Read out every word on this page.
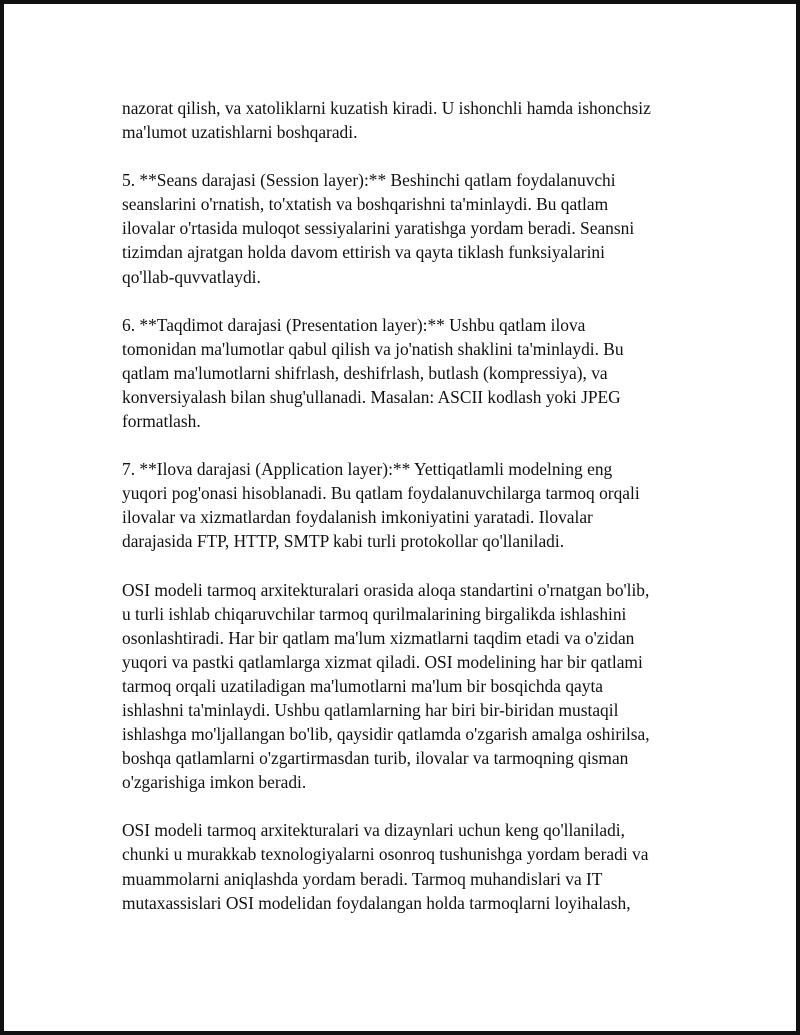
nazorat qilish, va xatoliklarni kuzatish kiradi. U ishonchli hamda ishonchsiz
ma'lumot uzatishlarni boshqaradi.

5. **Seans darajasi (Session layer):** Beshinchi qatlam foydalanuvchi
seanslarini o'rnatish, to'xtatish va boshqarishni ta'minlaydi. Bu qatlam
ilovalar o'rtasida muloqot sessiyalarini yaratishga yordam beradi. Seansni
tizimdan ajratgan holda davom ettirish va qayta tiklash funksiyalarini
qo'llab-quvvatlaydi.

6. **Taqdimot darajasi (Presentation layer):** Ushbu qatlam ilova
tomonidan ma'lumotlar qabul qilish va jo'natish shaklini ta'minlaydi. Bu
qatlam ma'lumotlarni shifrlash, deshifrlash, butlash (kompressiya), va
konversiyalash bilan shug'ullanadi. Masalan: ASCII kodlash yoki JPEG
formatlash.

7. **Ilova darajasi (Application layer):** Yettiqatlamli modelning eng
yuqori pog'onasi hisoblanadi. Bu qatlam foydalanuvchilarga tarmoq orqali
ilovalar va xizmatlardan foydalanish imkoniyatini yaratadi. Ilovalar
darajasida FTP, HTTP, SMTP kabi turli protokollar qo'llaniladi.

OSI modeli tarmoq arxitekturalari orasida aloqa standartini o'rnatgan bo'lib,
u turli ishlab chiqaruvchilar tarmoq qurilmalarining birgalikda ishlashini
osonlashtiradi. Har bir qatlam ma'lum xizmatlarni taqdim etadi va o'zidan
yuqori va pastki qatlamlarga xizmat qiladi. OSI modelining har bir qatlami
tarmoq orqali uzatiladigan ma'lumotlarni ma'lum bir bosqichda qayta
ishlashni ta'minlaydi. Ushbu qatlamlarning har biri bir-biridan mustaqil
ishlashga mo'ljallangan bo'lib, qaysidir qatlamda o'zgarish amalga oshirilsa,
boshqa qatlamlarni o'zgartirmasdan turib, ilovalar va tarmoqning qisman
o'zgarishiga imkon beradi.

OSI modeli tarmoq arxitekturalari va dizaynlari uchun keng qo'llaniladi,
chunki u murakkab texnologiyalarni osonroq tushunishga yordam beradi va
muammolarni aniqlashda yordam beradi. Tarmoq muhandislari va IT
mutaxassislari OSI modelidan foydalangan holda tarmoqlarni loyihalash,
